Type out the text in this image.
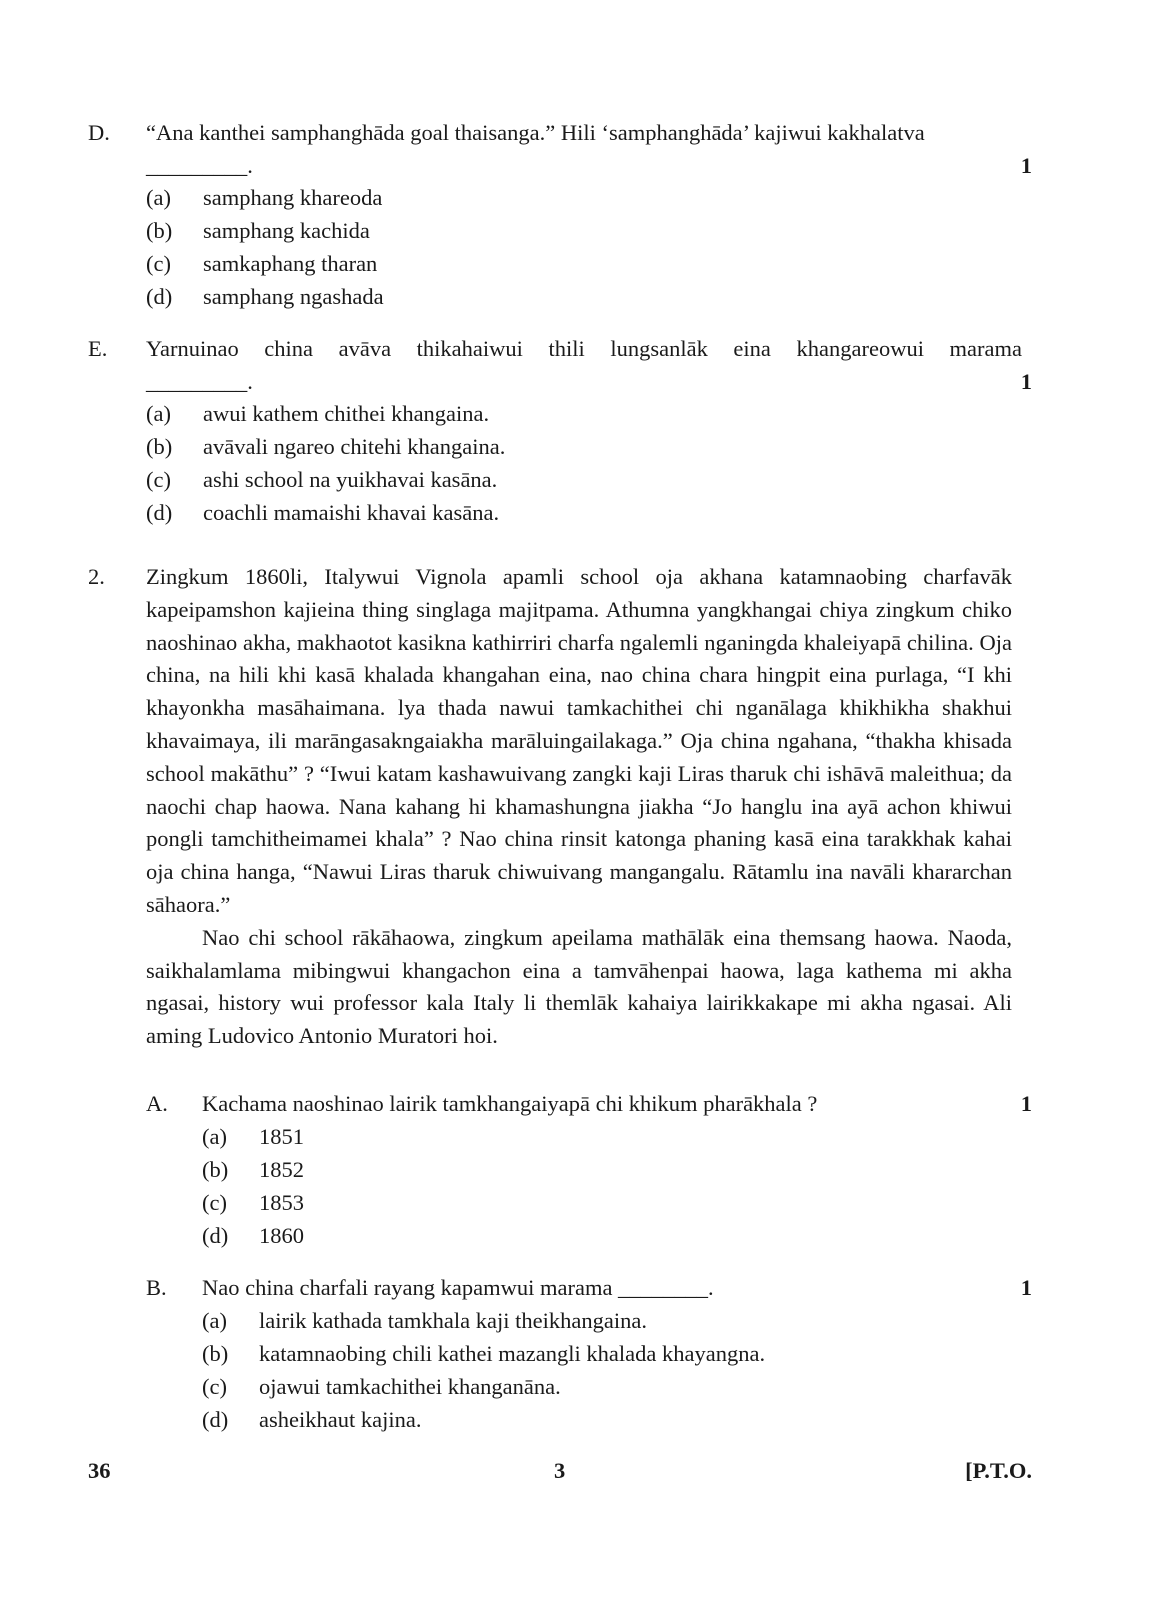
D. “Ana kanthei samphanghāda goal thaisanga.” Hili ‘samphanghāda’ kajiwui kakhalatva
_________.	1
(a)	samphang khareoda
(b)	samphang kachida
(c)	samkaphang tharan
(d)	samphang ngashada
E. Yarnuinao china avāva thikahaiwui thili lungsanlāk eina khangareowui marama
_________.	1
(a)	awui kathem chithei khangaina.
(b)	avāvali ngareo chitehi khangaina.
(c)	ashi school na yuikhavai kasāna.
(d)	coachli mamaishi khavai kasāna.
2. Zingkum 1860li, Italywui Vignola apamli school oja akhana katamnaobing charfavāk kapeipamshon kajieina thing singlaga majitpama. Athumna yangkhangai chiya zingkum chiko naoshinao akha, makhaotot kasikna kathirriri charfa ngalemli nganingda khaleiyapā chilina. Oja china, na hili khi kasā khalada khangahan eina, nao china chara hingpit eina purlaga, “I khi khayonkha masāhaimana. lya thada nawui tamkachithei chi nganālaga khikhikha shakhui khavaimaya, ili marāngasakngaiakha marāluingailakaga.” Oja china ngahana, “thakha khisada school makāthu” ? “Iwui katam kashawuivang zangki kaji Liras tharuk chi ishāvā maleithua; da naochi chap haowa. Nana kahang hi khamashungna jiakha “Jo hanglu ina ayā achon khiwui pongli tamchitheimamei khala” ? Nao china rinsit katonga phaning kasā eina tarakkhak kahai oja china hanga, “Nawui Liras tharuk chiwuivang mangangalu. Rātamlu ina navāli khararchan sāhaora.”

Nao chi school rākāhaowa, zingkum apeilama mathālāk eina themsang haowa. Naoda, saikhalamlama mibingwui khangachon eina a tamvāhenpai haowa, laga kathema mi akha ngasai, history wui professor kala Italy li themlāk kahaiya lairikkakape mi akha ngasai. Ali aming Ludovico Antonio Muratori hoi.

A. Kachama naoshinao lairik tamkhangaiyapā chi khikum pharākhala ?	1
(a)	1851
(b)	1852
(c)	1853
(d)	1860
B. Nao china charfali rayang kapamwui marama ________.	1
(a)	lairik kathada tamkhala kaji theikhangaina.
(b)	katamnaobing chili kathei mazangli khalada khayangna.
(c)	ojawui tamkachithei khanganāna.
(d)	asheikhaut kajina.
36	3	[P.T.O.
